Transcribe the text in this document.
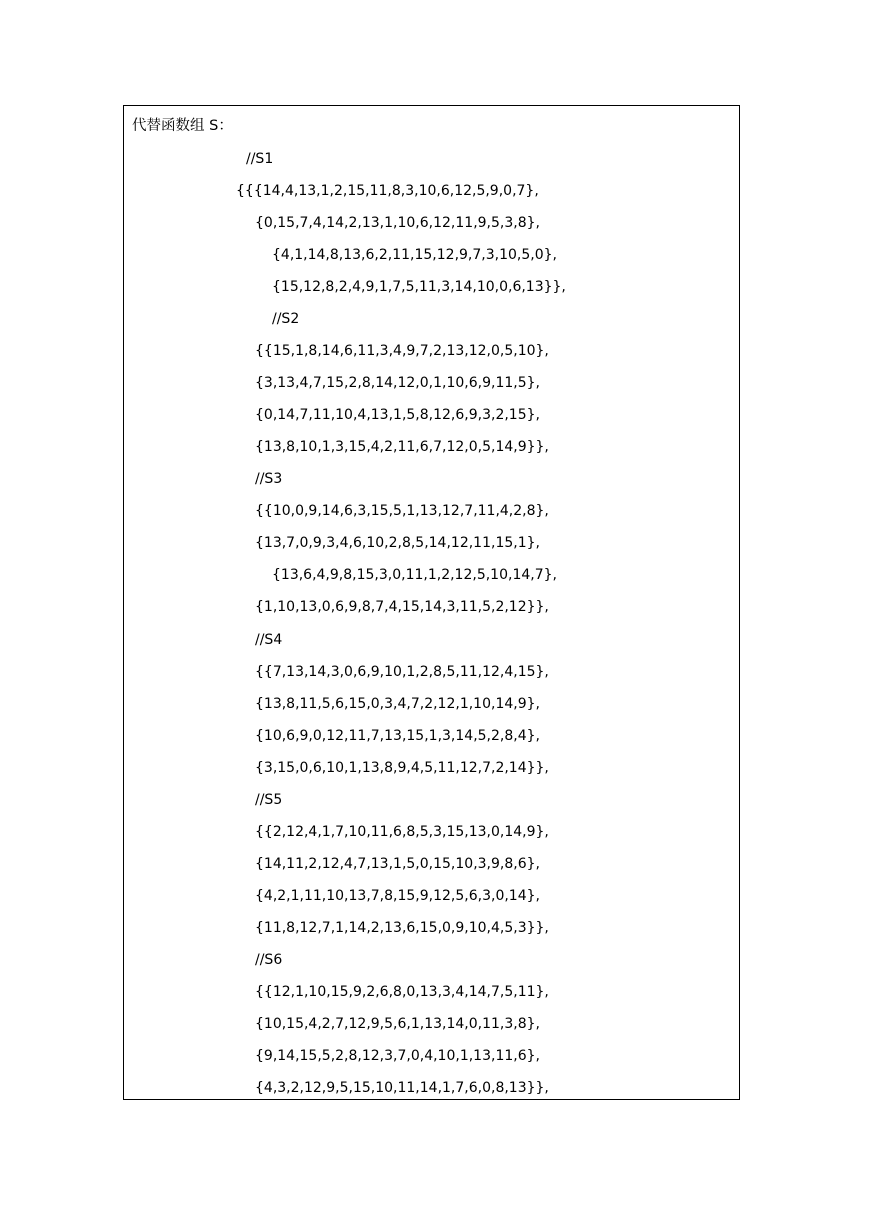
代替函数组 S：
//S1
{{{14,4,13,1,2,15,11,8,3,10,6,12,5,9,0,7},
{0,15,7,4,14,2,13,1,10,6,12,11,9,5,3,8},
{4,1,14,8,13,6,2,11,15,12,9,7,3,10,5,0},
{15,12,8,2,4,9,1,7,5,11,3,14,10,0,6,13}},
//S2
{{15,1,8,14,6,11,3,4,9,7,2,13,12,0,5,10},
{3,13,4,7,15,2,8,14,12,0,1,10,6,9,11,5},
{0,14,7,11,10,4,13,1,5,8,12,6,9,3,2,15},
{13,8,10,1,3,15,4,2,11,6,7,12,0,5,14,9}},
//S3
{{10,0,9,14,6,3,15,5,1,13,12,7,11,4,2,8},
{13,7,0,9,3,4,6,10,2,8,5,14,12,11,15,1},
{13,6,4,9,8,15,3,0,11,1,2,12,5,10,14,7},
{1,10,13,0,6,9,8,7,4,15,14,3,11,5,2,12}},
//S4
{{7,13,14,3,0,6,9,10,1,2,8,5,11,12,4,15},
{13,8,11,5,6,15,0,3,4,7,2,12,1,10,14,9},
{10,6,9,0,12,11,7,13,15,1,3,14,5,2,8,4},
{3,15,0,6,10,1,13,8,9,4,5,11,12,7,2,14}},
//S5
{{2,12,4,1,7,10,11,6,8,5,3,15,13,0,14,9},
{14,11,2,12,4,7,13,1,5,0,15,10,3,9,8,6},
{4,2,1,11,10,13,7,8,15,9,12,5,6,3,0,14},
{11,8,12,7,1,14,2,13,6,15,0,9,10,4,5,3}},
//S6
{{12,1,10,15,9,2,6,8,0,13,3,4,14,7,5,11},
{10,15,4,2,7,12,9,5,6,1,13,14,0,11,3,8},
{9,14,15,5,2,8,12,3,7,0,4,10,1,13,11,6},
{4,3,2,12,9,5,15,10,11,14,1,7,6,0,8,13}},
